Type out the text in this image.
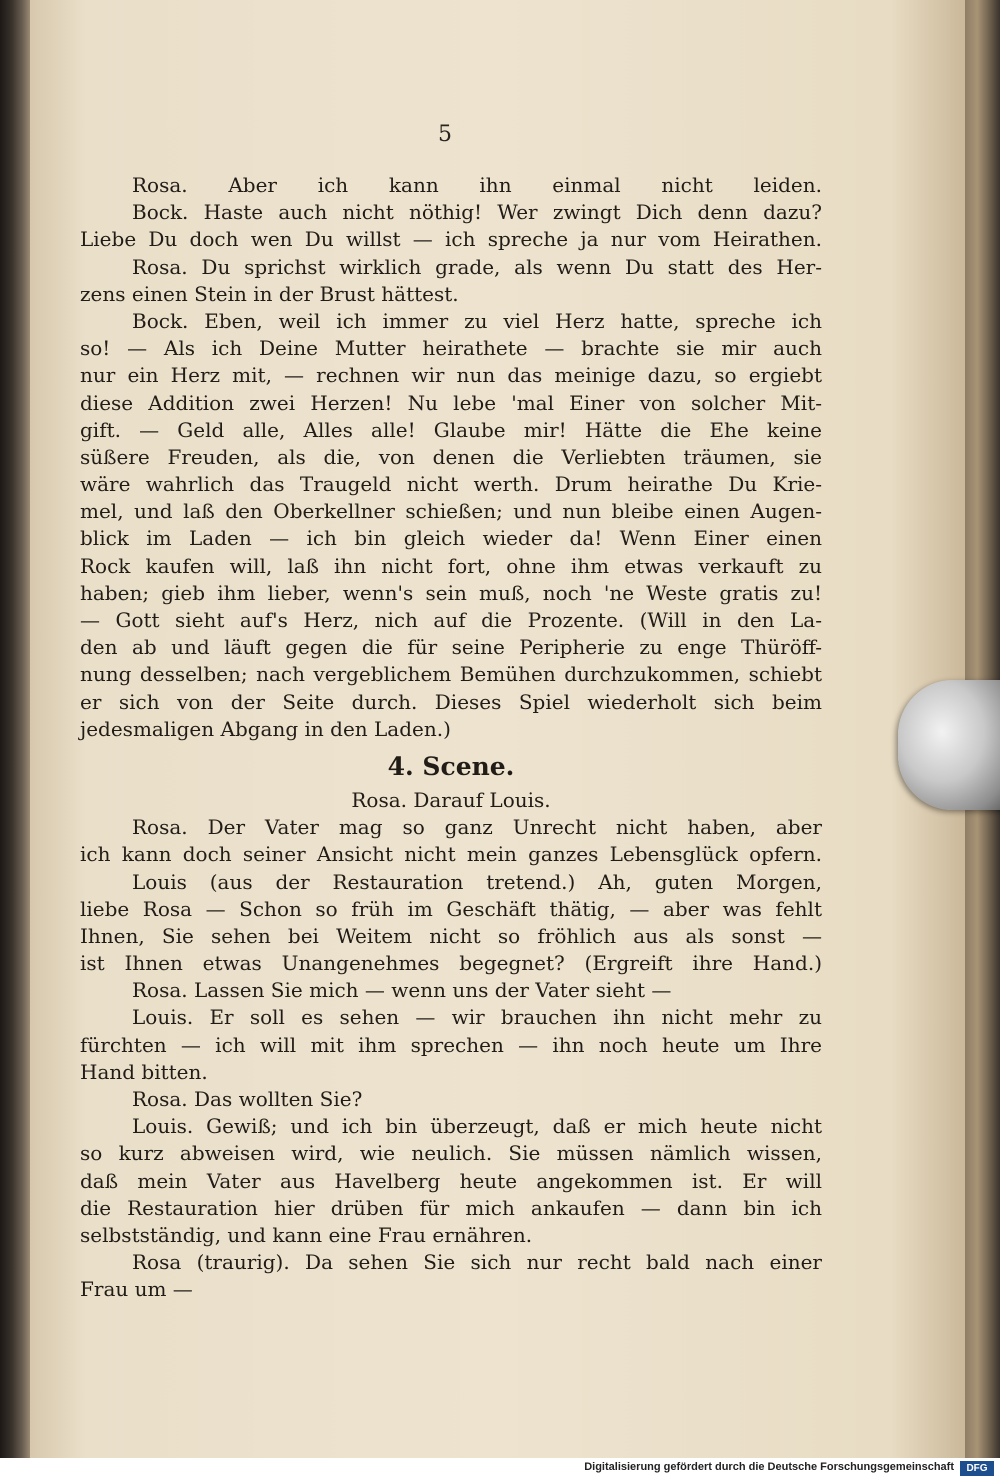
5
Rosa. Aber ich kann ihn einmal nicht leiden.
Bock. Haste auch nicht nöthig! Wer zwingt Dich denn dazu?
Liebe Du doch wen Du willst — ich spreche ja nur vom Heirathen.
Rosa. Du sprichst wirklich grade, als wenn Du statt des Her-
zens einen Stein in der Brust hättest.
Bock. Eben, weil ich immer zu viel Herz hatte, spreche ich
so! — Als ich Deine Mutter heirathete — brachte sie mir auch
nur ein Herz mit, — rechnen wir nun das meinige dazu, so ergiebt
diese Addition zwei Herzen! Nu lebe 'mal Einer von solcher Mit-
gift. — Geld alle, Alles alle! Glaube mir! Hätte die Ehe keine
süßere Freuden, als die, von denen die Verliebten träumen, sie
wäre wahrlich das Traugeld nicht werth. Drum heirathe Du Krie-
mel, und laß den Oberkellner schießen; und nun bleibe einen Augen-
blick im Laden — ich bin gleich wieder da! Wenn Einer einen
Rock kaufen will, laß ihn nicht fort, ohne ihm etwas verkauft zu
haben; gieb ihm lieber, wenn's sein muß, noch 'ne Weste gratis zu!
— Gott sieht auf's Herz, nich auf die Prozente. (Will in den La-
den ab und läuft gegen die für seine Peripherie zu enge Thüröff-
nung desselben; nach vergeblichem Bemühen durchzukommen, schiebt
er sich von der Seite durch. Dieses Spiel wiederholt sich beim
jedesmaligen Abgang in den Laden.)
4. Scene.
Rosa. Darauf Louis.
Rosa. Der Vater mag so ganz Unrecht nicht haben, aber
ich kann doch seiner Ansicht nicht mein ganzes Lebensglück opfern.
Louis (aus der Restauration tretend.) Ah, guten Morgen,
liebe Rosa — Schon so früh im Geschäft thätig, — aber was fehlt
Ihnen, Sie sehen bei Weitem nicht so fröhlich aus als sonst —
ist Ihnen etwas Unangenehmes begegnet? (Ergreift ihre Hand.)
Rosa. Lassen Sie mich — wenn uns der Vater sieht —
Louis. Er soll es sehen — wir brauchen ihn nicht mehr zu
fürchten — ich will mit ihm sprechen — ihn noch heute um Ihre
Hand bitten.
Rosa. Das wollten Sie?
Louis. Gewiß; und ich bin überzeugt, daß er mich heute nicht
so kurz abweisen wird, wie neulich. Sie müssen nämlich wissen,
daß mein Vater aus Havelberg heute angekommen ist. Er will
die Restauration hier drüben für mich ankaufen — dann bin ich
selbstständig, und kann eine Frau ernähren.
Rosa (traurig). Da sehen Sie sich nur recht bald nach einer
Frau um —
Digitalisierung gefördert durch die Deutsche Forschungsgemeinschaft	DFG
